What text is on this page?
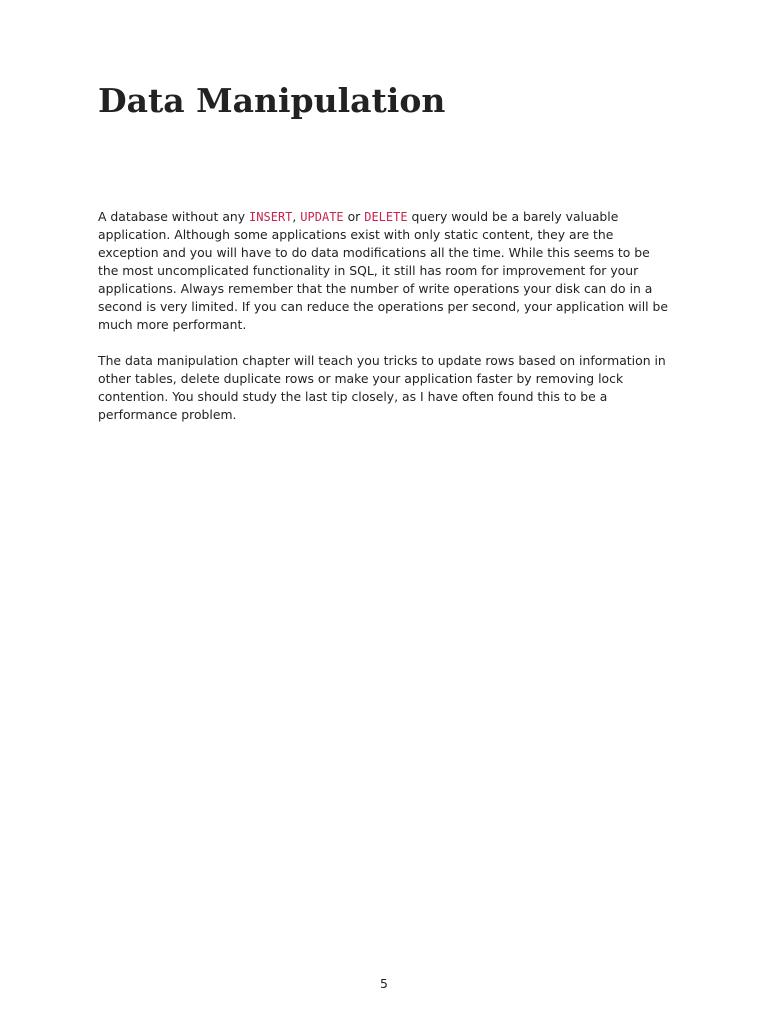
Data Manipulation

A database without any INSERT, UPDATE or DELETE query would be a barely valuable application. Although some applications exist with only static content, they are the exception and you will have to do data modifications all the time. While this seems to be the most uncomplicated functionality in SQL, it still has room for improvement for your applications. Always remember that the number of write operations your disk can do in a second is very limited. If you can reduce the operations per second, your application will be much more performant.

The data manipulation chapter will teach you tricks to update rows based on information in other tables, delete duplicate rows or make your application faster by removing lock contention. You should study the last tip closely, as I have often found this to be a performance problem.

5
